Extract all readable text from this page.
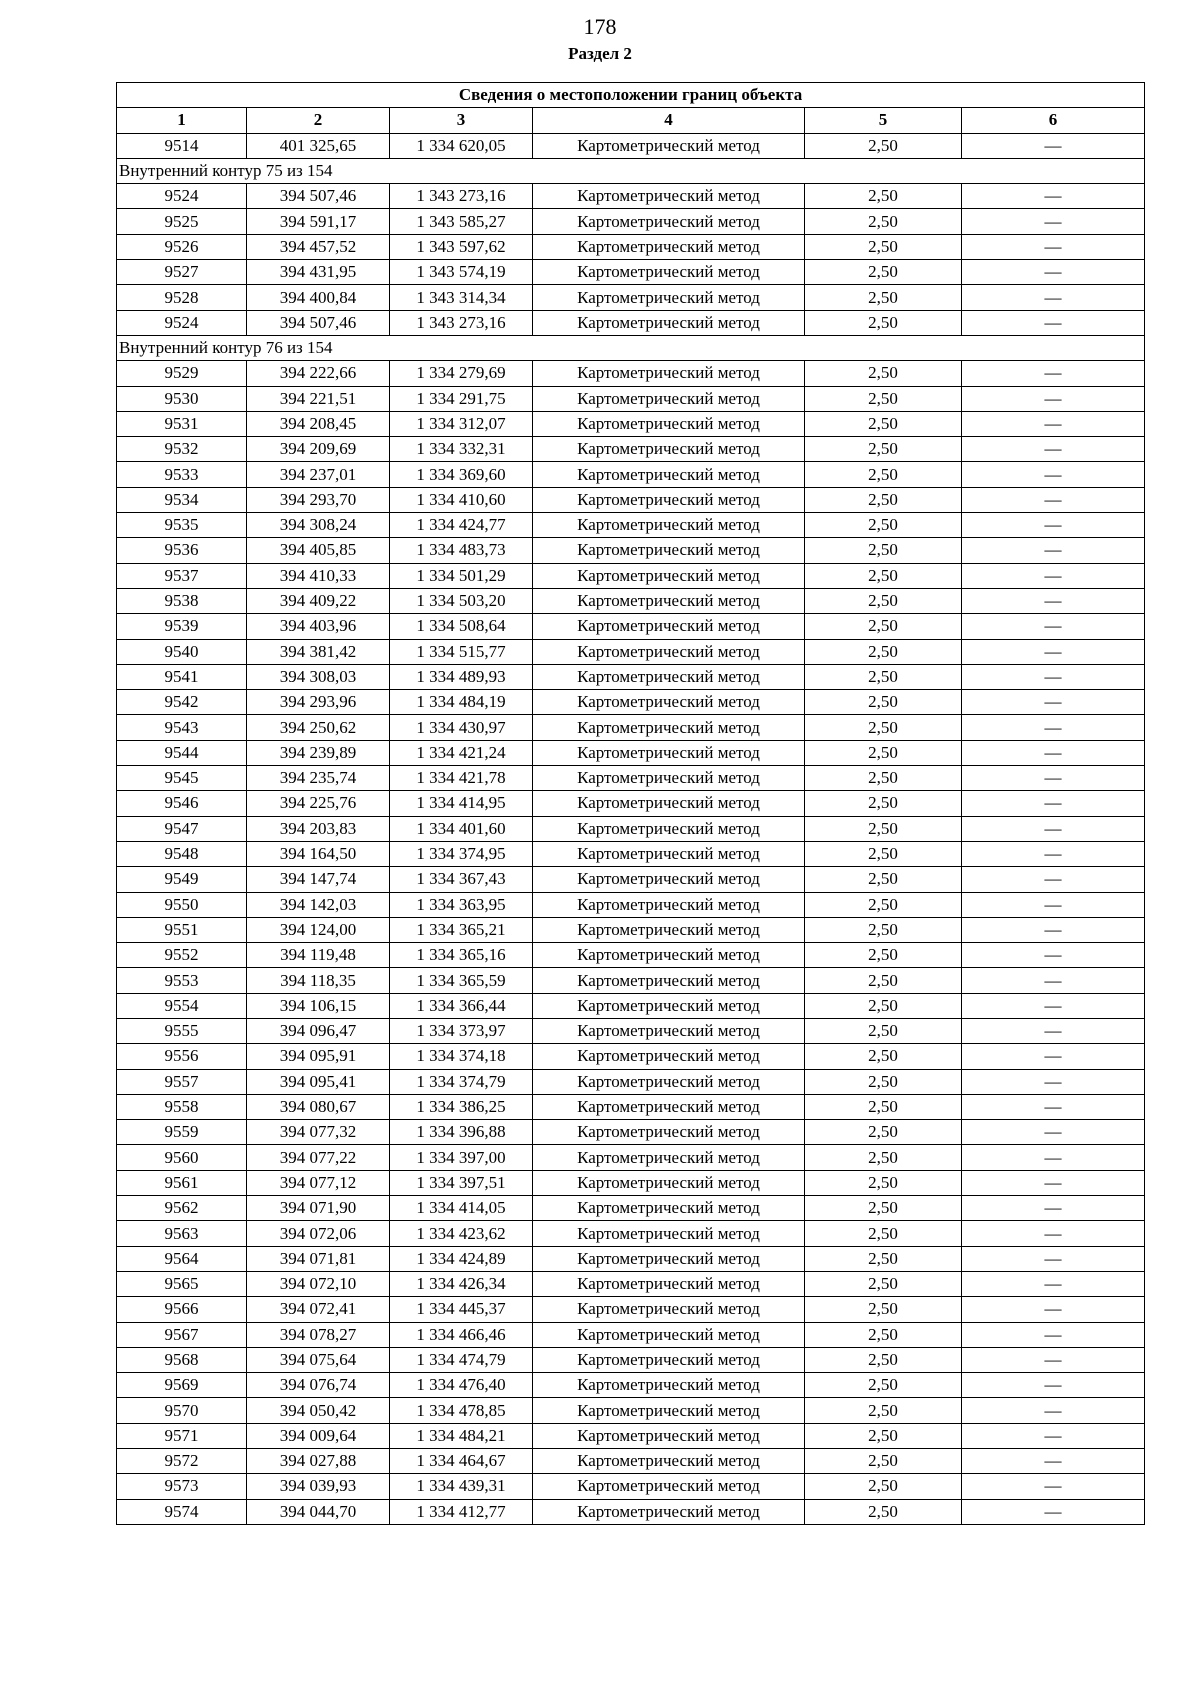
178
Раздел 2
Сведения о местоположении границ объекта					
1	2	3	4	5	6
9514	401 325,65	1 334 620,05	Картометрический метод	2,50	—
Внутренний контур 75 из 154					
9524	394 507,46	1 343 273,16	Картометрический метод	2,50	—
9525	394 591,17	1 343 585,27	Картометрический метод	2,50	—
9526	394 457,52	1 343 597,62	Картометрический метод	2,50	—
9527	394 431,95	1 343 574,19	Картометрический метод	2,50	—
9528	394 400,84	1 343 314,34	Картометрический метод	2,50	—
9524	394 507,46	1 343 273,16	Картометрический метод	2,50	—
Внутренний контур 76 из 154					
9529	394 222,66	1 334 279,69	Картометрический метод	2,50	—
9530	394 221,51	1 334 291,75	Картометрический метод	2,50	—
9531	394 208,45	1 334 312,07	Картометрический метод	2,50	—
9532	394 209,69	1 334 332,31	Картометрический метод	2,50	—
9533	394 237,01	1 334 369,60	Картометрический метод	2,50	—
9534	394 293,70	1 334 410,60	Картометрический метод	2,50	—
9535	394 308,24	1 334 424,77	Картометрический метод	2,50	—
9536	394 405,85	1 334 483,73	Картометрический метод	2,50	—
9537	394 410,33	1 334 501,29	Картометрический метод	2,50	—
9538	394 409,22	1 334 503,20	Картометрический метод	2,50	—
9539	394 403,96	1 334 508,64	Картометрический метод	2,50	—
9540	394 381,42	1 334 515,77	Картометрический метод	2,50	—
9541	394 308,03	1 334 489,93	Картометрический метод	2,50	—
9542	394 293,96	1 334 484,19	Картометрический метод	2,50	—
9543	394 250,62	1 334 430,97	Картометрический метод	2,50	—
9544	394 239,89	1 334 421,24	Картометрический метод	2,50	—
9545	394 235,74	1 334 421,78	Картометрический метод	2,50	—
9546	394 225,76	1 334 414,95	Картометрический метод	2,50	—
9547	394 203,83	1 334 401,60	Картометрический метод	2,50	—
9548	394 164,50	1 334 374,95	Картометрический метод	2,50	—
9549	394 147,74	1 334 367,43	Картометрический метод	2,50	—
9550	394 142,03	1 334 363,95	Картометрический метод	2,50	—
9551	394 124,00	1 334 365,21	Картометрический метод	2,50	—
9552	394 119,48	1 334 365,16	Картометрический метод	2,50	—
9553	394 118,35	1 334 365,59	Картометрический метод	2,50	—
9554	394 106,15	1 334 366,44	Картометрический метод	2,50	—
9555	394 096,47	1 334 373,97	Картометрический метод	2,50	—
9556	394 095,91	1 334 374,18	Картометрический метод	2,50	—
9557	394 095,41	1 334 374,79	Картометрический метод	2,50	—
9558	394 080,67	1 334 386,25	Картометрический метод	2,50	—
9559	394 077,32	1 334 396,88	Картометрический метод	2,50	—
9560	394 077,22	1 334 397,00	Картометрический метод	2,50	—
9561	394 077,12	1 334 397,51	Картометрический метод	2,50	—
9562	394 071,90	1 334 414,05	Картометрический метод	2,50	—
9563	394 072,06	1 334 423,62	Картометрический метод	2,50	—
9564	394 071,81	1 334 424,89	Картометрический метод	2,50	—
9565	394 072,10	1 334 426,34	Картометрический метод	2,50	—
9566	394 072,41	1 334 445,37	Картометрический метод	2,50	—
9567	394 078,27	1 334 466,46	Картометрический метод	2,50	—
9568	394 075,64	1 334 474,79	Картометрический метод	2,50	—
9569	394 076,74	1 334 476,40	Картометрический метод	2,50	—
9570	394 050,42	1 334 478,85	Картометрический метод	2,50	—
9571	394 009,64	1 334 484,21	Картометрический метод	2,50	—
9572	394 027,88	1 334 464,67	Картометрический метод	2,50	—
9573	394 039,93	1 334 439,31	Картометрический метод	2,50	—
9574	394 044,70	1 334 412,77	Картометрический метод	2,50	—
